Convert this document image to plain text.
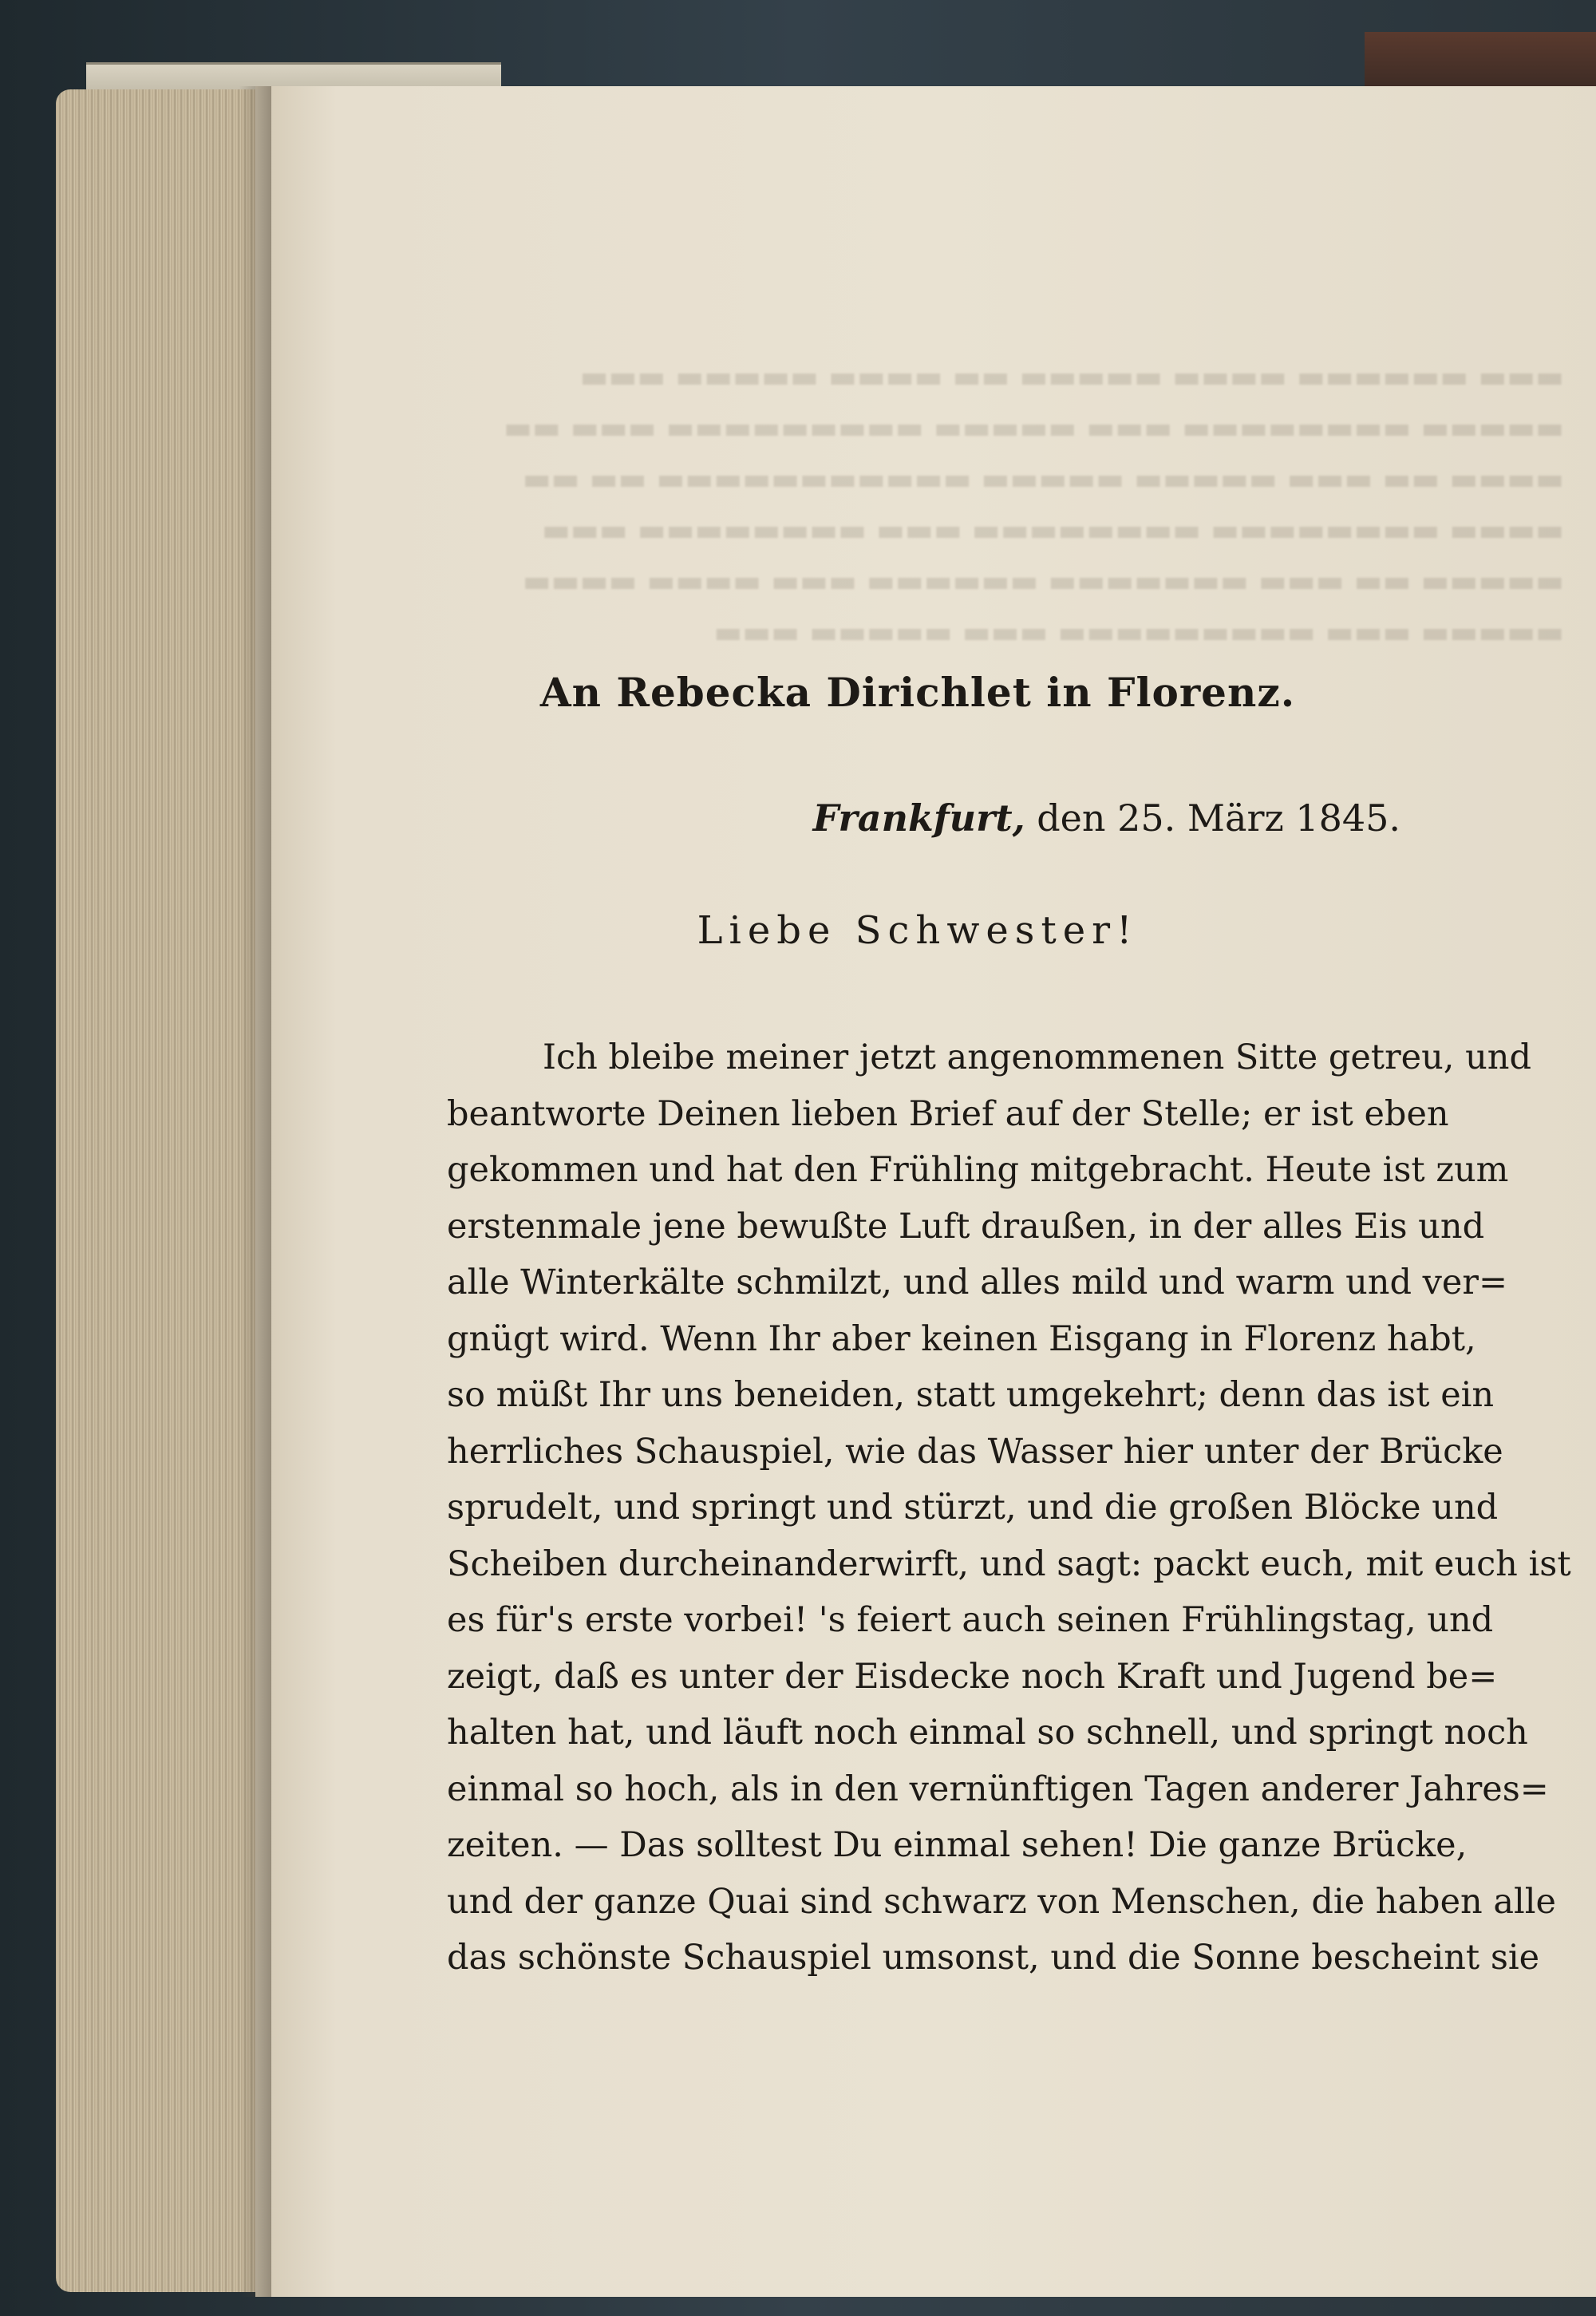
▬▬▬ ▬▬▬▬▬▬ ▬▬▬▬ ▬▬▬▬▬ ▬▬ ▬▬▬▬ ▬▬▬▬▬ ▬▬▬
▬▬▬▬▬ ▬▬▬▬▬▬▬▬ ▬▬▬ ▬▬▬▬▬ ▬▬▬▬▬▬▬▬▬ ▬▬▬ ▬▬
▬▬▬▬ ▬▬ ▬▬▬ ▬▬▬▬▬ ▬▬▬▬▬ ▬▬▬▬▬▬▬▬▬▬▬ ▬▬ ▬▬
▬▬▬▬ ▬▬▬▬▬▬▬▬ ▬▬▬▬▬▬▬▬ ▬▬▬ ▬▬▬▬▬▬▬▬ ▬▬▬
▬▬▬▬▬ ▬▬ ▬▬▬ ▬▬▬▬▬▬▬ ▬▬▬▬▬▬ ▬▬▬ ▬▬▬▬ ▬▬▬▬
▬▬▬▬▬ ▬▬▬ ▬▬▬▬▬▬▬▬▬ ▬▬▬ ▬▬▬▬▬ ▬▬▬
An Rebecka Dirichlet in Florenz.
Frankfurt, den 25. März 1845.
Liebe Schwester!
Ich bleibe meiner jetzt angenommenen Sitte getreu, und
beantworte Deinen lieben Brief auf der Stelle; er ist eben
gekommen und hat den Frühling mitgebracht. Heute ist zum
erstenmale jene bewußte Luft draußen, in der alles Eis und
alle Winterkälte schmilzt, und alles mild und warm und ver=
gnügt wird. Wenn Ihr aber keinen Eisgang in Florenz habt,
so müßt Ihr uns beneiden, statt umgekehrt; denn das ist ein
herrliches Schauspiel, wie das Wasser hier unter der Brücke
sprudelt, und springt und stürzt, und die großen Blöcke und
Scheiben durcheinanderwirft, und sagt: packt euch, mit euch ist
es für's erste vorbei! 's feiert auch seinen Frühlingstag, und
zeigt, daß es unter der Eisdecke noch Kraft und Jugend be=
halten hat, und läuft noch einmal so schnell, und springt noch
einmal so hoch, als in den vernünftigen Tagen anderer Jahres=
zeiten. — Das solltest Du einmal sehen! Die ganze Brücke,
und der ganze Quai sind schwarz von Menschen, die haben alle
das schönste Schauspiel umsonst, und die Sonne bescheint sie
